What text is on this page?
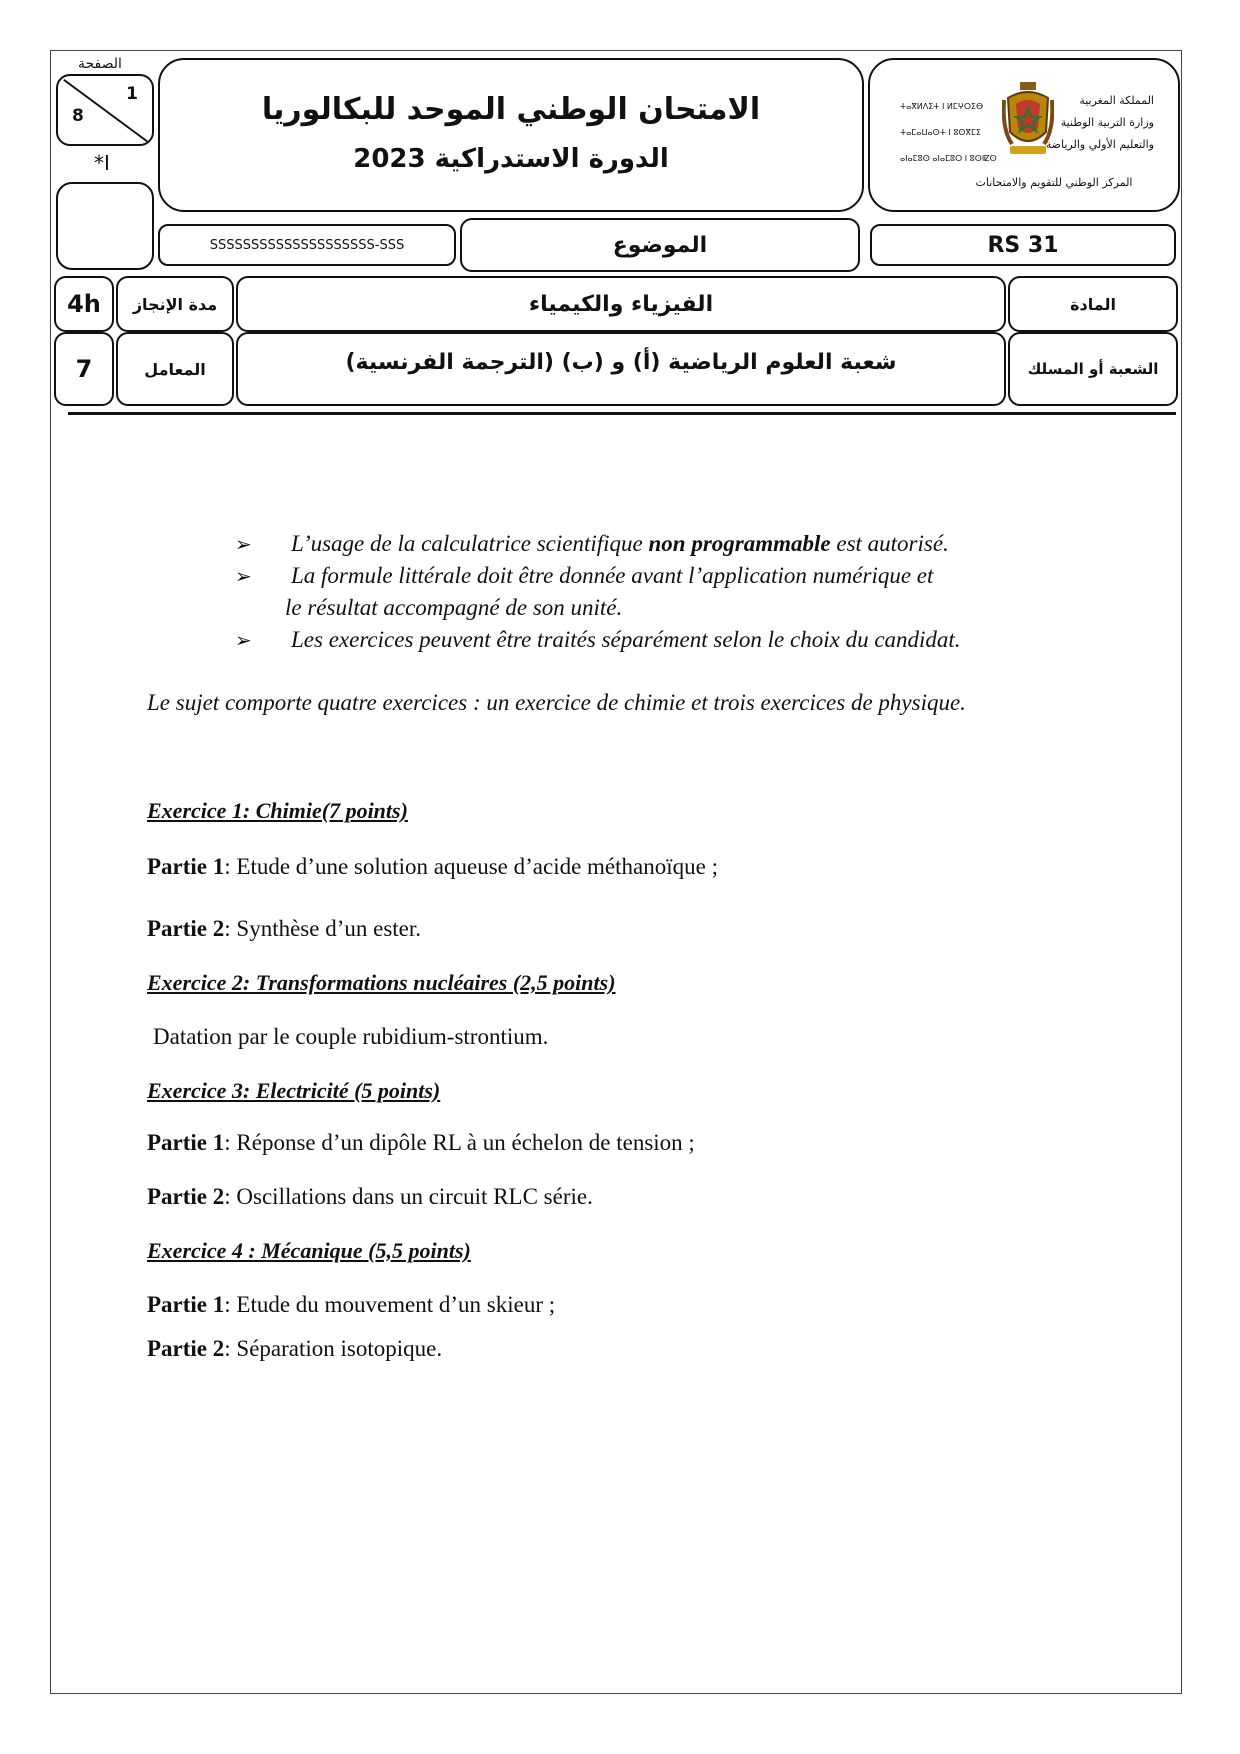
الصفحة
1
8
*I
الامتحان الوطني الموحد للبكالوريا
الدورة الاستدراكية 2023
ⵜⴰⴳⵍⴷⵉⵜ ⵏ ⵍⵎⵖⵔⵉⴱ
ⵜⴰⵎⴰⵡⴰⵙⵜ ⵏ ⵓⵙⴳⵎⵉ
ⴰⵏⴰⵎⵓⵙ ⴰⵏⴰⵎⵓⵔ ⵏ ⵓⵙⵏⵇⵙ
المملكة المغربية
وزارة التربية الوطنية
والتعليم الأولي والرياضة
المركز الوطني للتقويم والامتحانات
SSSSSSSSSSSSSSSSSSSS-SSS	الموضوع	RS 31
4h	مدة الإنجاز	الفيزياء والكيمياء	المادة
7	المعامل	شعبة العلوم الرياضية (أ) و (ب) (الترجمة الفرنسية)	الشعبة أو المسلك
➢ L’usage de la calculatrice scientifique non programmable est autorisé.
➢ La formule littérale doit être donnée avant l’application numérique et
le résultat accompagné de son unité.
➢ Les exercices peuvent être traités séparément selon le choix du candidat.
Le sujet comporte quatre exercices : un exercice de chimie et trois exercices de physique.
Exercice 1: Chimie(7 points)
Partie 1: Etude d’une solution aqueuse d’acide méthanoïque ;
Partie 2: Synthèse d’un ester.
Exercice 2: Transformations nucléaires (2,5 points)
Datation par le couple rubidium-strontium.
Exercice 3: Electricité (5 points)
Partie 1: Réponse d’un dipôle RL à un échelon de tension ;
Partie 2: Oscillations dans un circuit RLC série.
Exercice 4 : Mécanique (5,5 points)
Partie 1: Etude du mouvement d’un skieur ;
Partie 2: Séparation isotopique.
